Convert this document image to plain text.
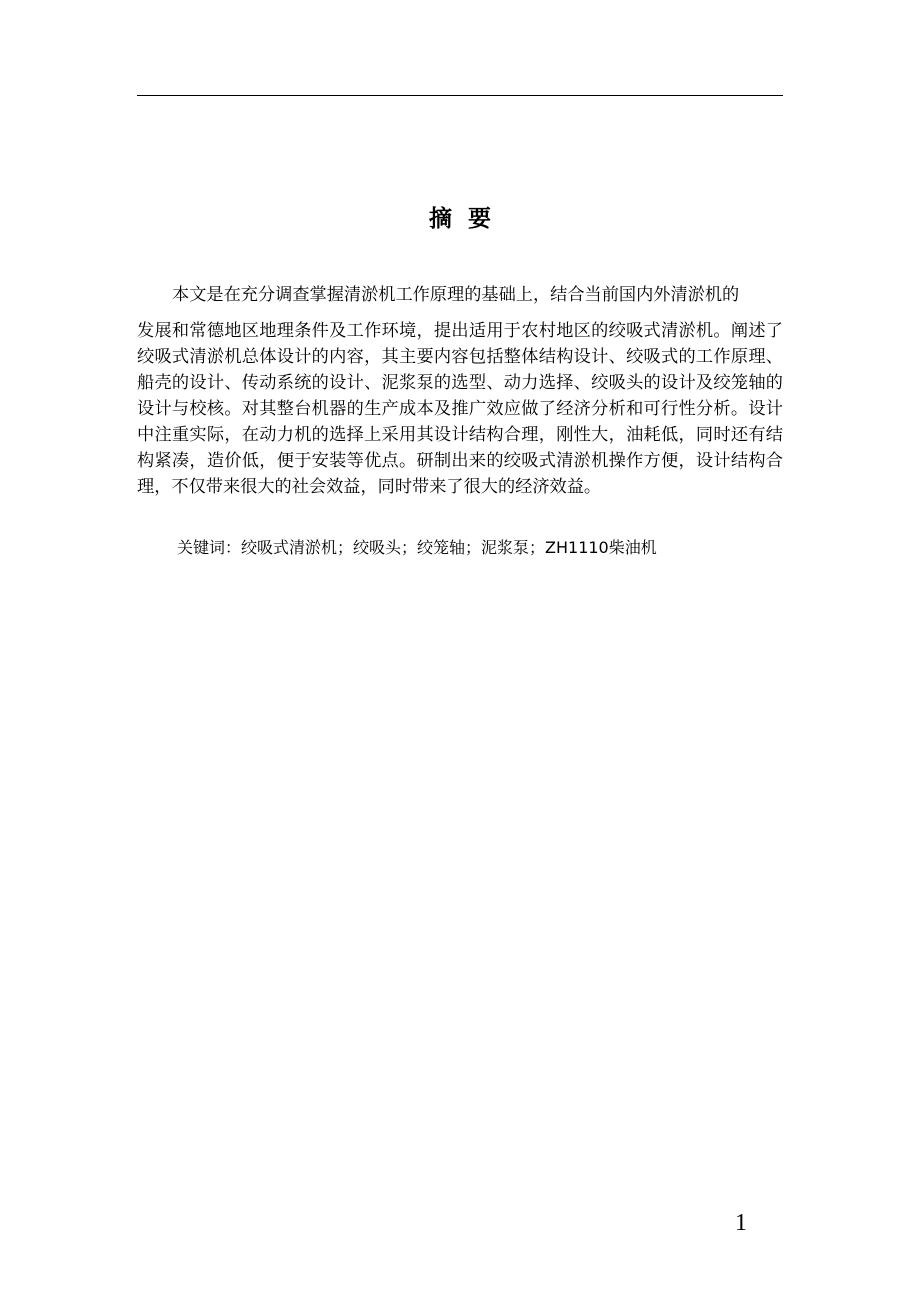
摘  要

本文是在充分调查掌握清淤机工作原理的基础上，结合当前国内外清淤机的
发展和常德地区地理条件及工作环境，提出适用于农村地区的绞吸式清淤机。阐述了绞吸式清淤机总体设计的内容，其主要内容包括整体结构设计、绞吸式的工作原理、船壳的设计、传动系统的设计、泥浆泵的选型、动力选择、绞吸头的设计及绞笼轴的设计与校核。对其整台机器的生产成本及推广效应做了经济分析和可行性分析。设计中注重实际，在动力机的选择上采用其设计结构合理，刚性大，油耗低，同时还有结构紧凑，造价低，便于安装等优点。研制出来的绞吸式清淤机操作方便，设计结构合理，不仅带来很大的社会效益，同时带来了很大的经济效益。

关键词：绞吸式清淤机；绞吸头；绞笼轴；泥浆泵；ZH1110柴油机
1
